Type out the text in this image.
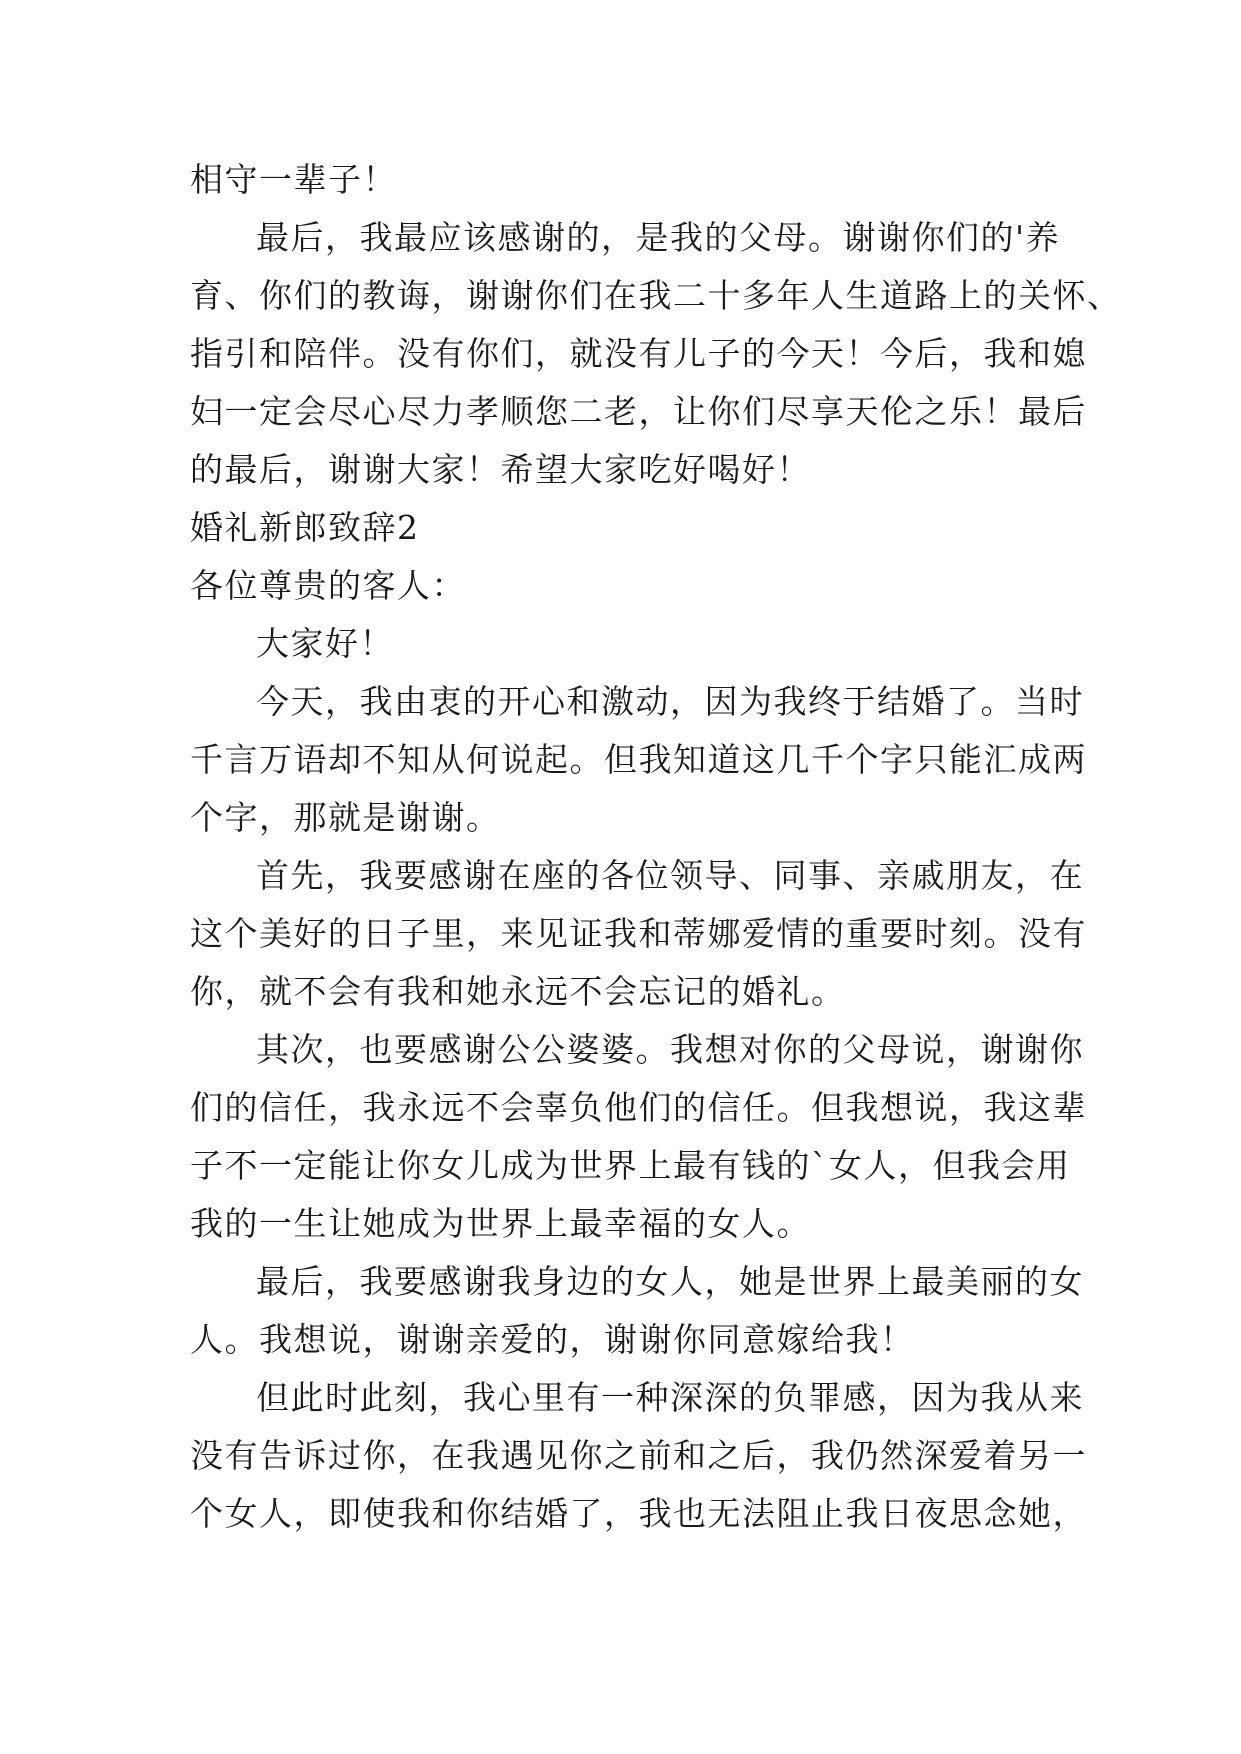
相守一辈子！
最后，我最应该感谢的，是我的父母。谢谢你们的'养
育、你们的教诲，谢谢你们在我二十多年人生道路上的关怀、
指引和陪伴。没有你们，就没有儿子的今天！今后，我和媳
妇一定会尽心尽力孝顺您二老，让你们尽享天伦之乐！最后
的最后，谢谢大家！希望大家吃好喝好！
婚礼新郎致辞2
各位尊贵的客人：
大家好！
今天，我由衷的开心和激动，因为我终于结婚了。当时
千言万语却不知从何说起。但我知道这几千个字只能汇成两
个字，那就是谢谢。
首先，我要感谢在座的各位领导、同事、亲戚朋友，在
这个美好的日子里，来见证我和蒂娜爱情的重要时刻。没有
你，就不会有我和她永远不会忘记的婚礼。
其次，也要感谢公公婆婆。我想对你的父母说，谢谢你
们的信任，我永远不会辜负他们的信任。但我想说，我这辈
子不一定能让你女儿成为世界上最有钱的`女人，但我会用
我的一生让她成为世界上最幸福的女人。
最后，我要感谢我身边的女人，她是世界上最美丽的女
人。我想说，谢谢亲爱的，谢谢你同意嫁给我！
但此时此刻，我心里有一种深深的负罪感，因为我从来
没有告诉过你，在我遇见你之前和之后，我仍然深爱着另一
个女人，即使我和你结婚了，我也无法阻止我日夜思念她，
